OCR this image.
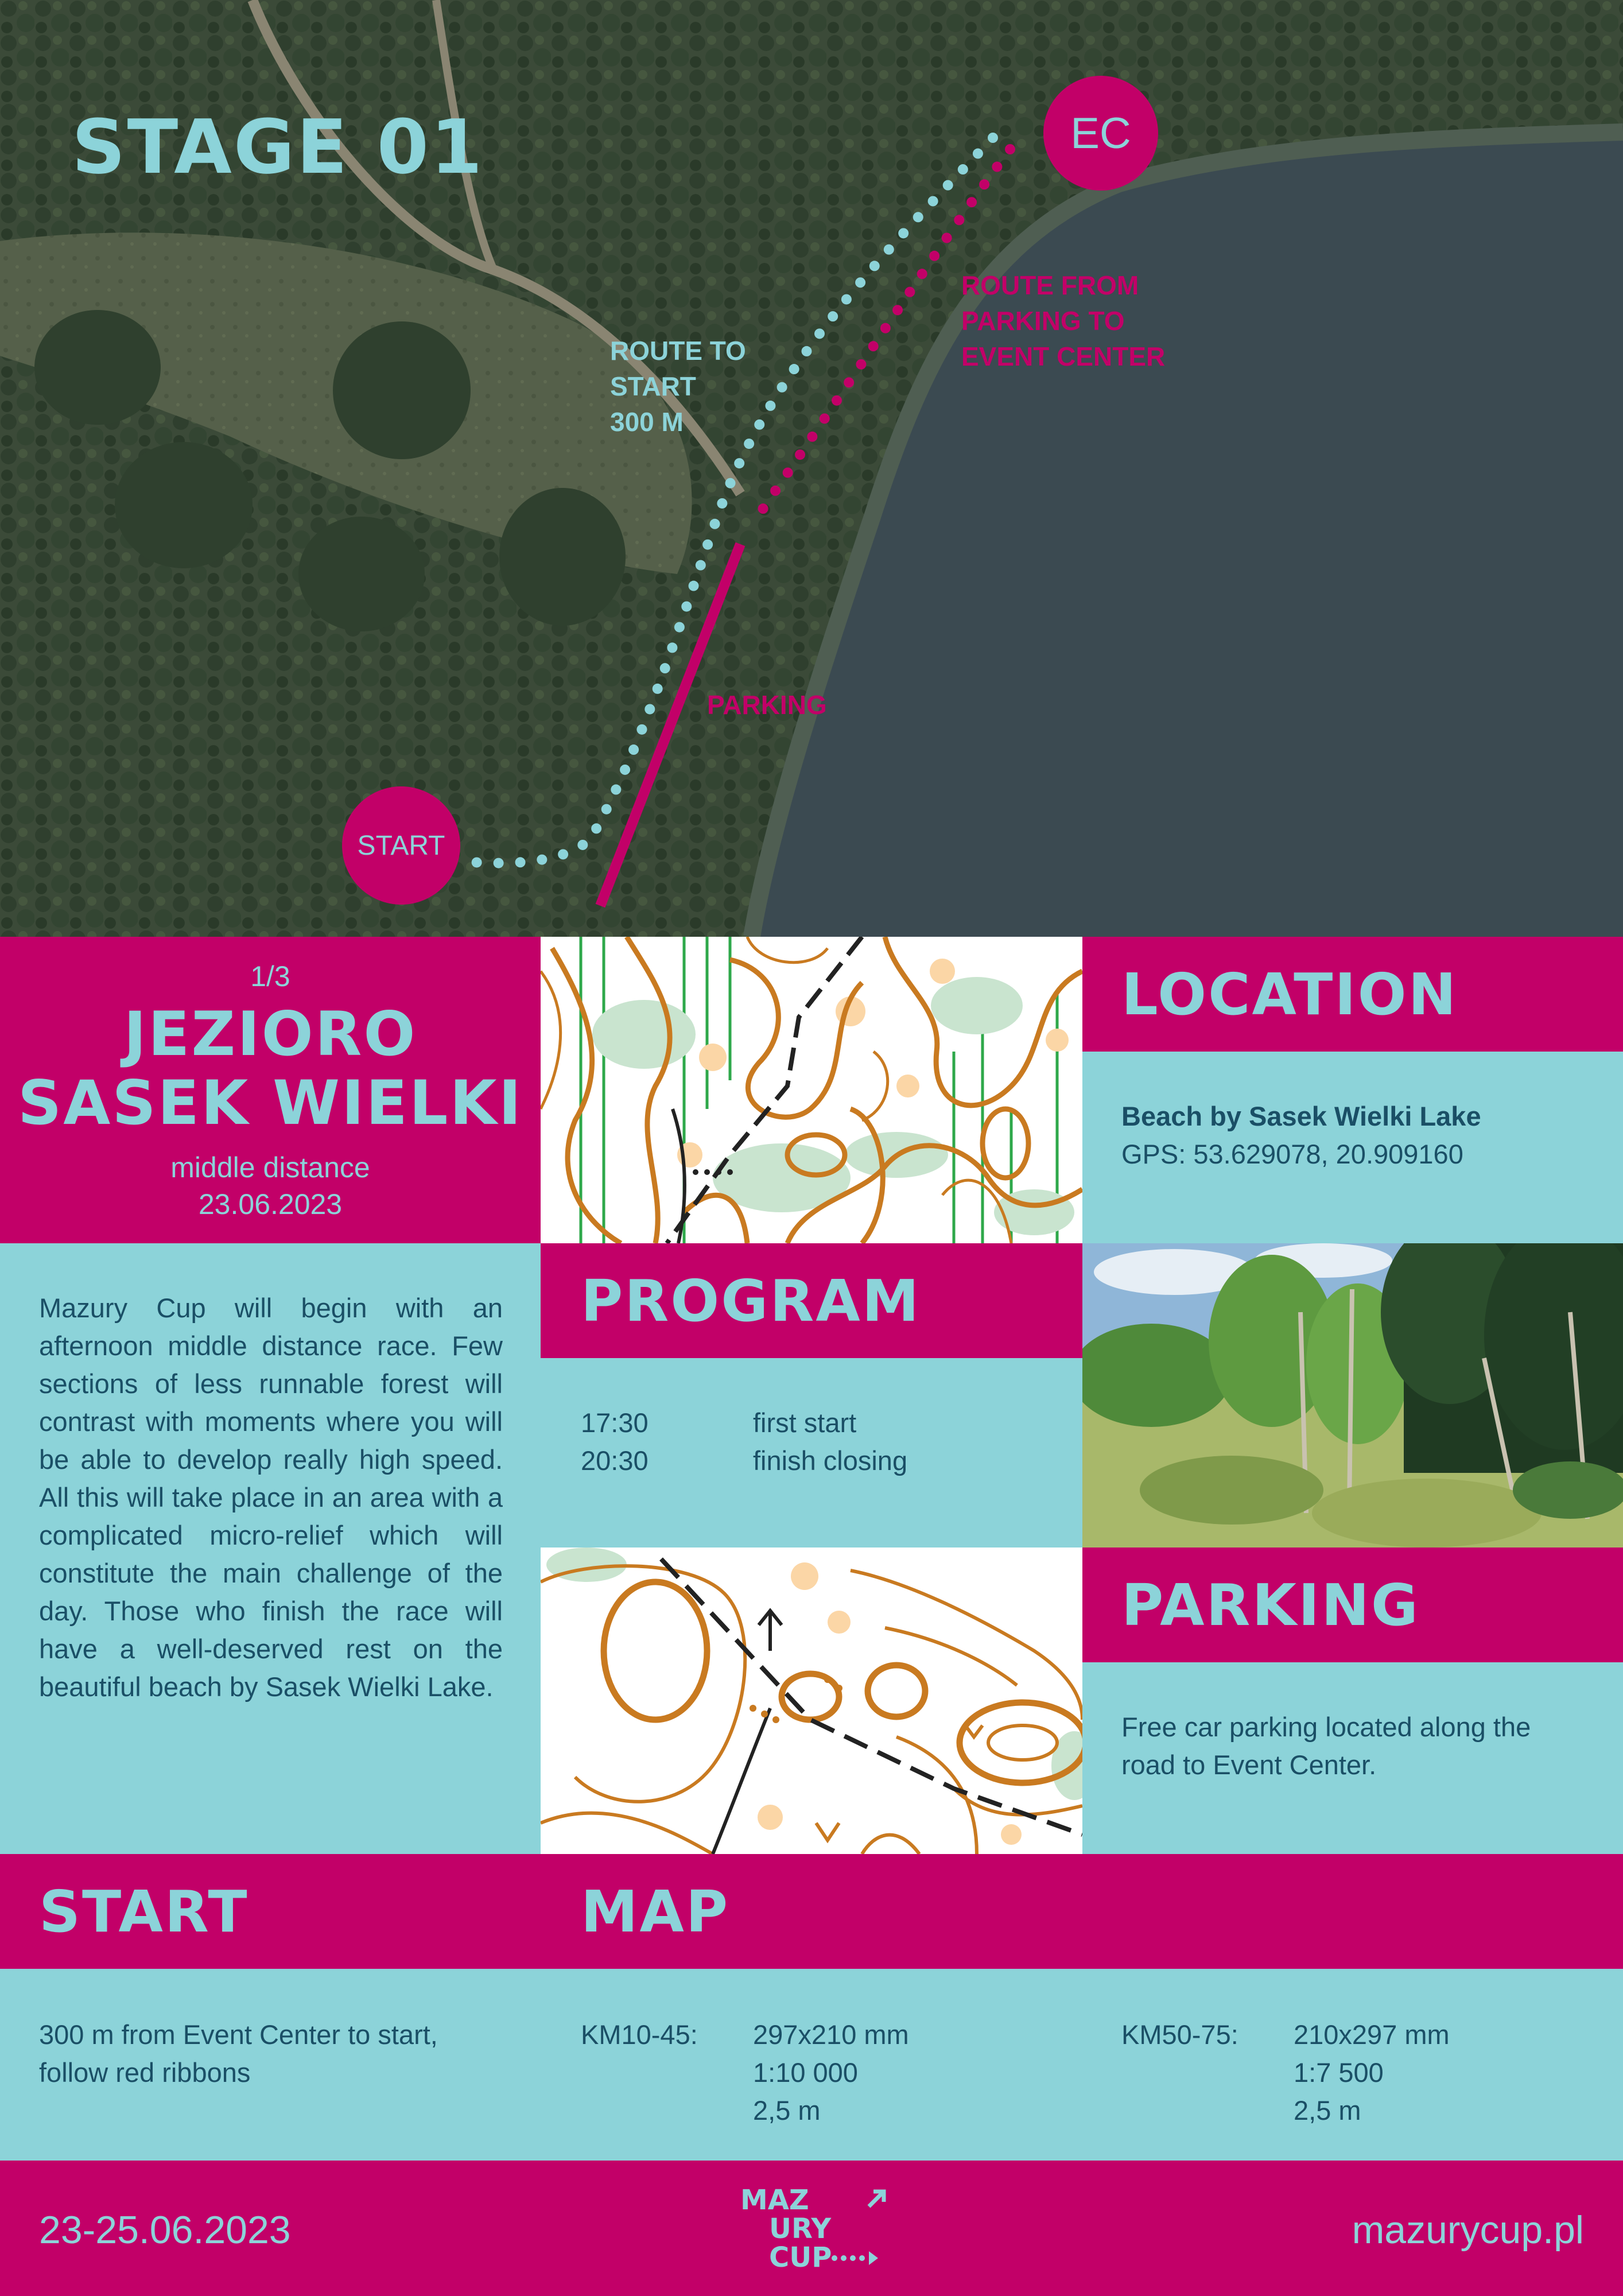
STAGE 01	EC
START
ROUTE TO
START
300 M
ROUTE FROM
PARKING TO
EVENT CENTER
PARKING
1/3
JEZIORO
SASEK WIELKI
middle distance
23.06.2023
LOCATION
Beach by Sasek Wielki Lake
GPS: 53.629078, 20.909160
Mazury Cup will begin with an afternoon middle distance race. Few sections of less runnable forest will contrast with moments where you will be able to develop really high speed. All this will take place in an area with a complicated micro-relief which will constitute the main challenge of the day. Those who finish the race will have a well-deserved rest on the beautiful beach by Sasek Wielki Lake.
PROGRAM
17:30	first start
20:30	finish closing
PARKING
Free car parking located along the
road to Event Center.
START	MAP
300 m from Event Center to start,
follow red ribbons
KM10-45:	297x210 mm
1:10 000
2,5 m
KM50-75:	210x297 mm
1:7 500
2,5 m
23-25.06.2023
MAZ
URY
CUP
mazurycup.pl
